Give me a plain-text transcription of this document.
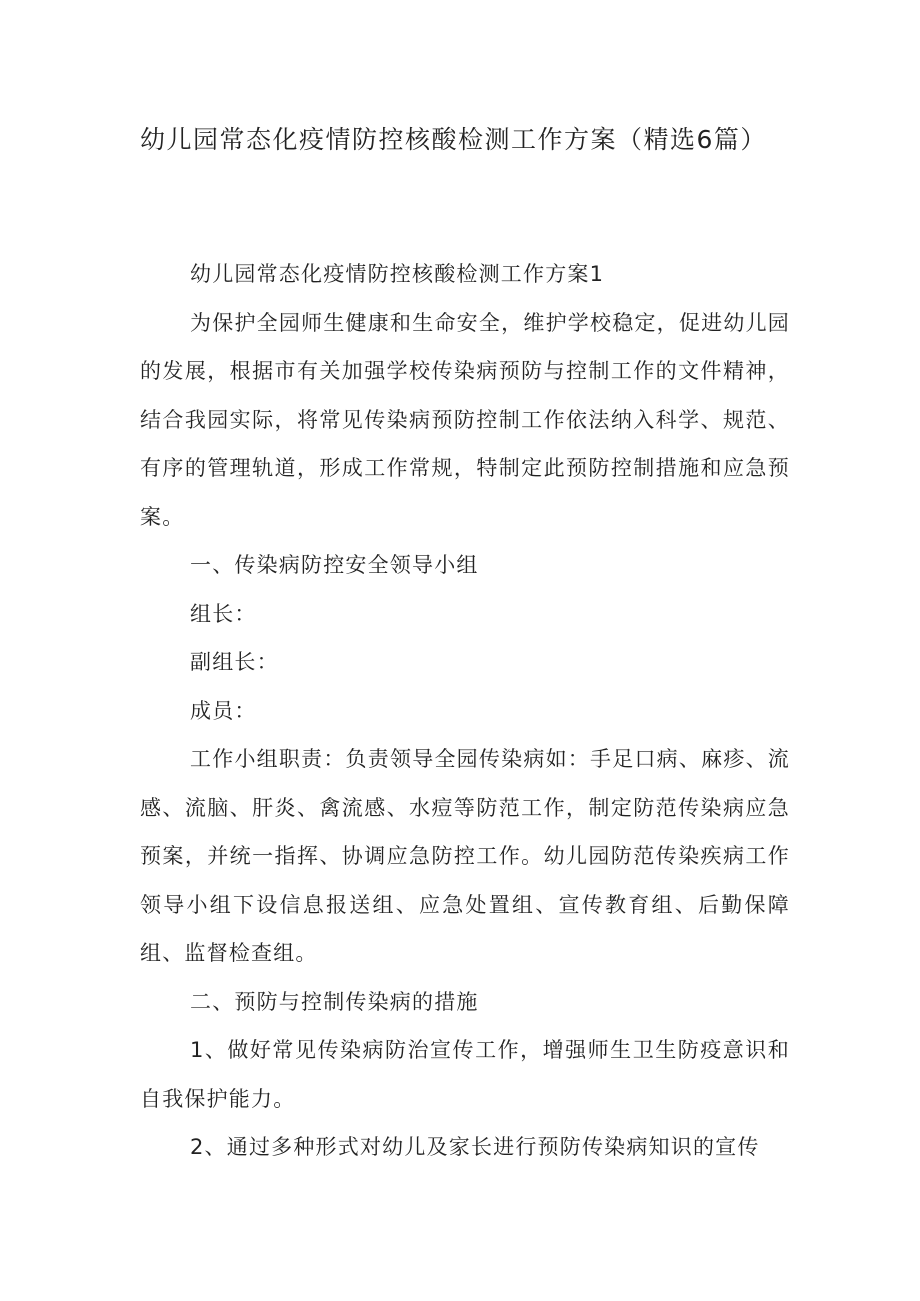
幼儿园常态化疫情防控核酸检测工作方案（精选6篇）

幼儿园常态化疫情防控核酸检测工作方案1

为保护全园师生健康和生命安全，维护学校稳定，促进幼儿园的发展，根据市有关加强学校传染病预防与控制工作的文件精神，结合我园实际，将常见传染病预防控制工作依法纳入科学、规范、有序的管理轨道，形成工作常规，特制定此预防控制措施和应急预案。

一、传染病防控安全领导小组

组长：

副组长：

成员：

工作小组职责：负责领导全园传染病如：手足口病、麻疹、流感、流脑、肝炎、禽流感、水痘等防范工作，制定防范传染病应急预案，并统一指挥、协调应急防控工作。幼儿园防范传染疾病工作领导小组下设信息报送组、应急处置组、宣传教育组、后勤保障组、监督检查组。

二、预防与控制传染病的措施

1、做好常见传染病防治宣传工作，增强师生卫生防疫意识和自我保护能力。

2、通过多种形式对幼儿及家长进行预防传染病知识的宣传
